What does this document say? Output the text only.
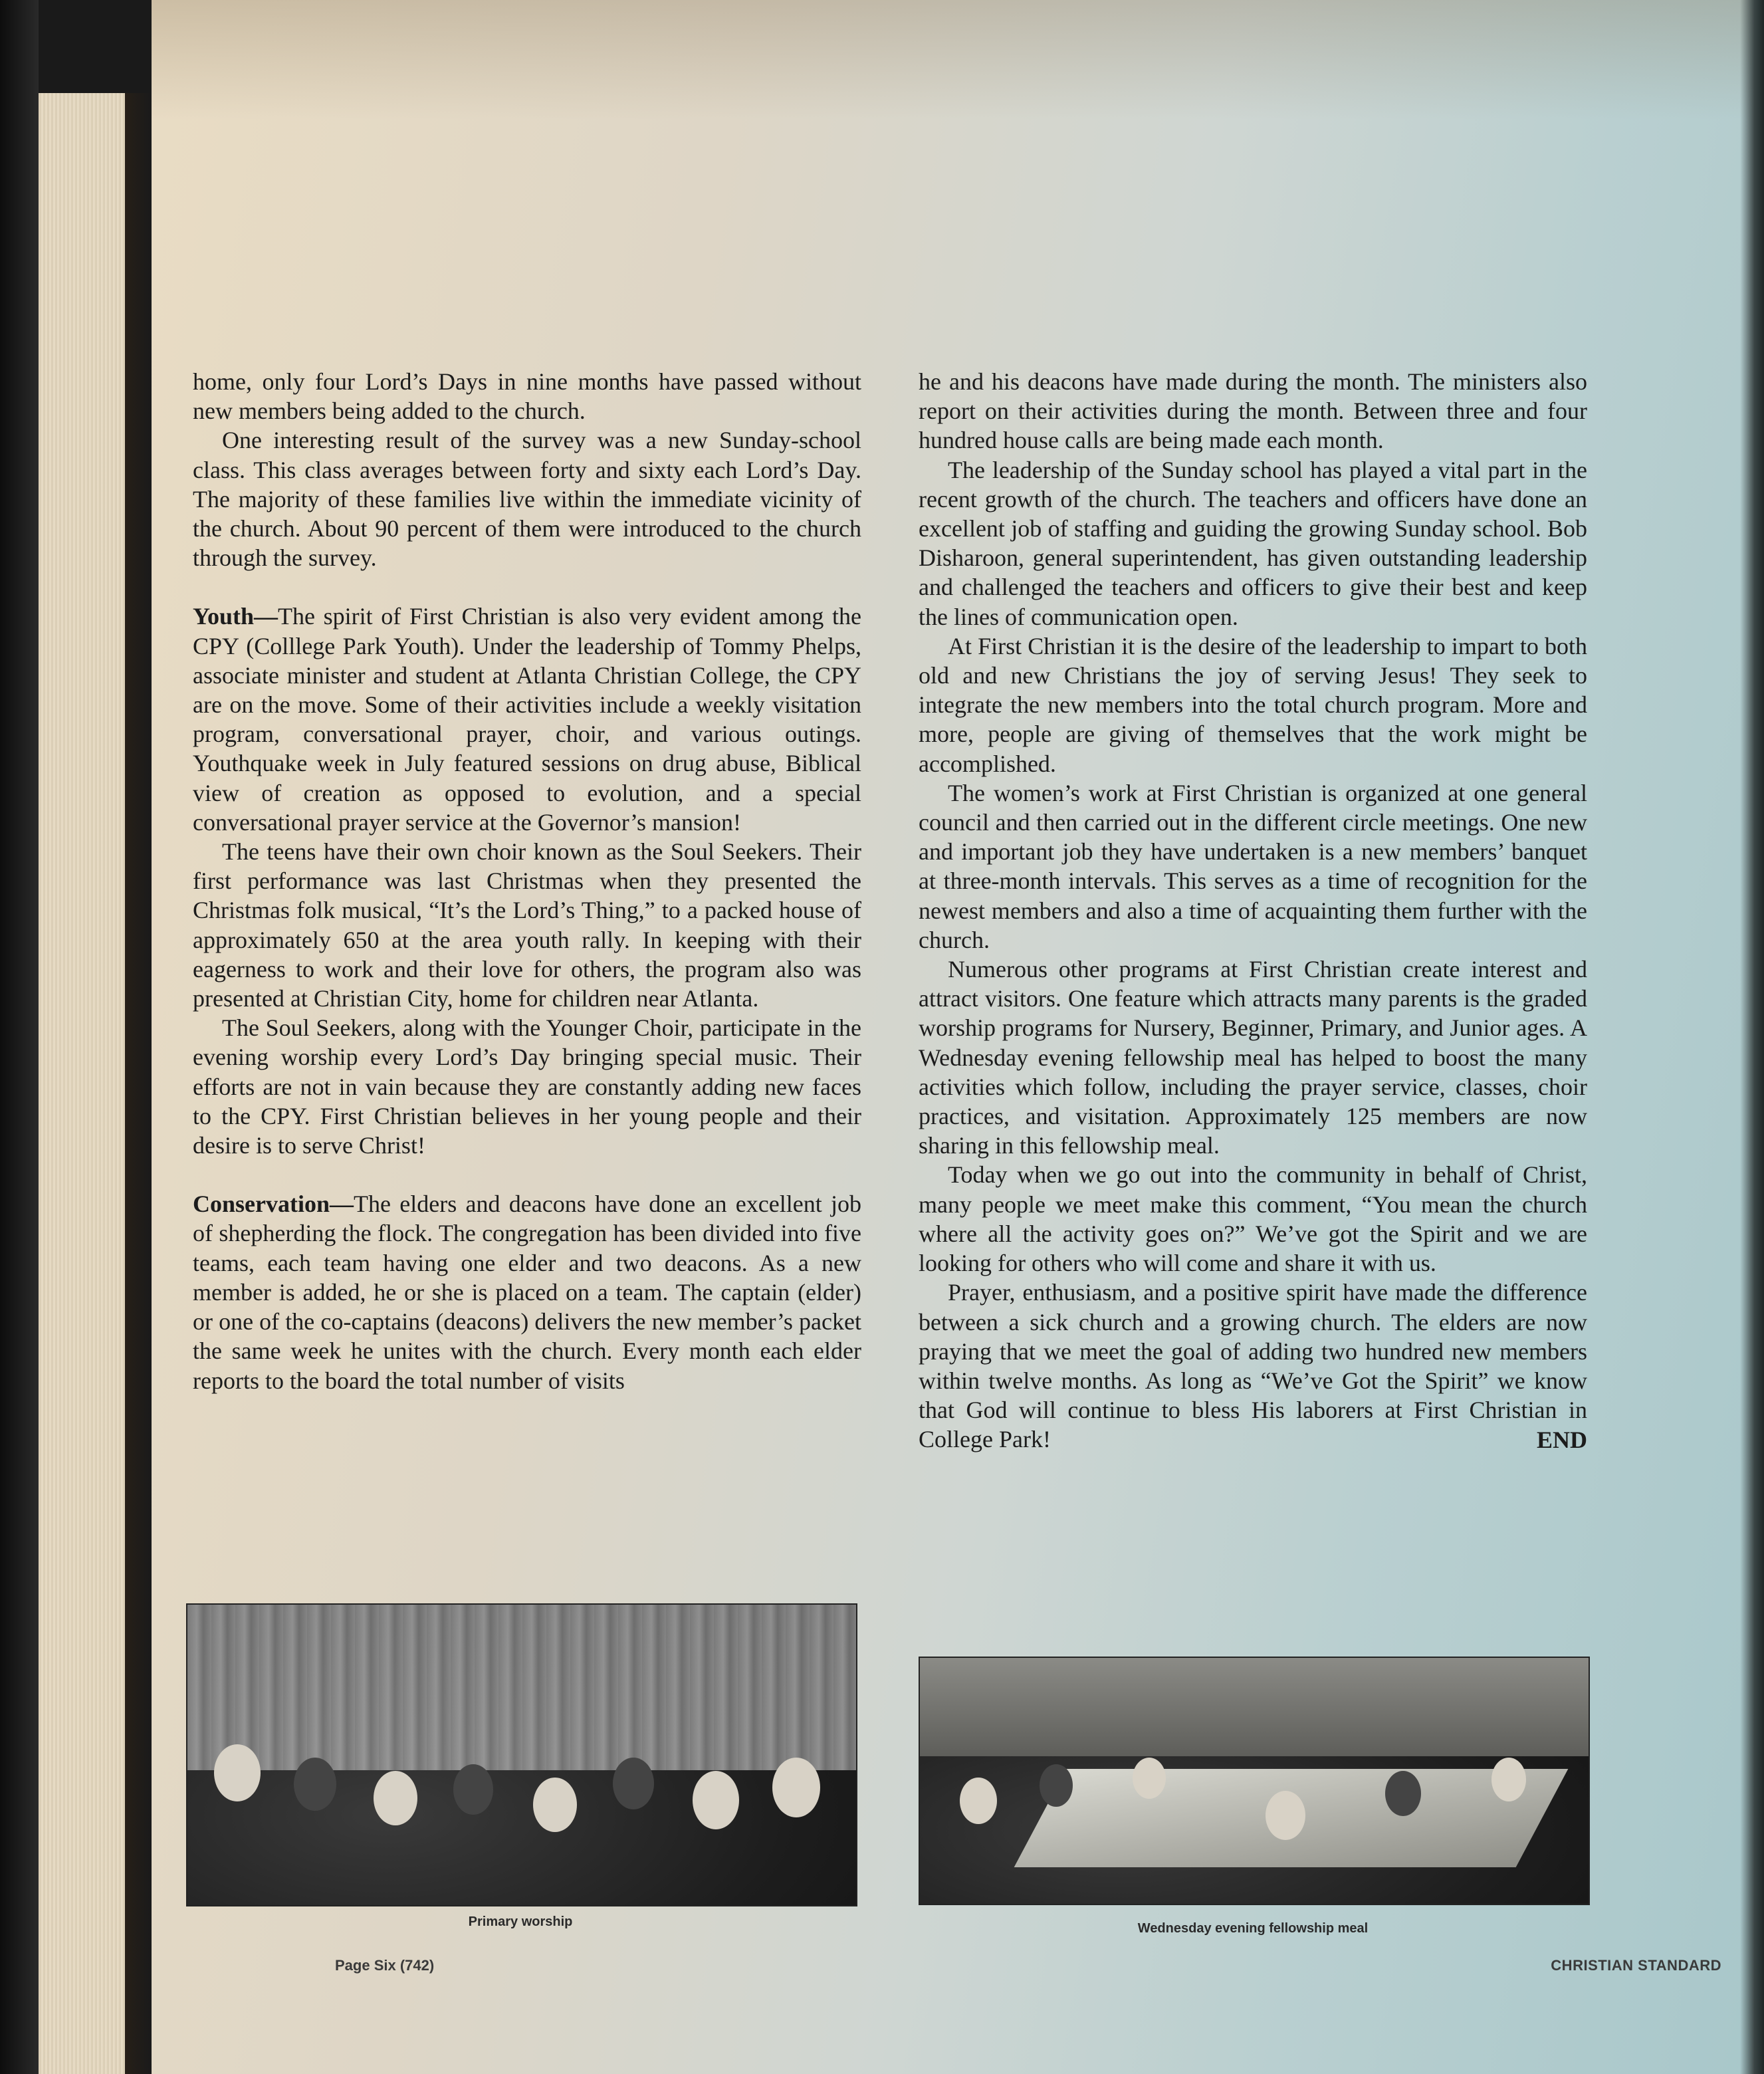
home, only four Lord’s Days in nine months have passed without new members being added to the church.

One interesting result of the survey was a new Sunday-school class. This class averages between forty and sixty each Lord’s Day. The majority of these families live within the immediate vicinity of the church. About 90 percent of them were introduced to the church through the survey.

Youth—The spirit of First Christian is also very evident among the CPY (Colllege Park Youth). Under the leadership of Tommy Phelps, associate minister and student at Atlanta Christian College, the CPY are on the move. Some of their activities include a weekly visitation program, conversational prayer, choir, and various outings. Youthquake week in July featured sessions on drug abuse, Biblical view of creation as opposed to evolution, and a special conversational prayer service at the Governor’s mansion!

The teens have their own choir known as the Soul Seekers. Their first performance was last Christmas when they presented the Christmas folk musical, “It’s the Lord’s Thing,” to a packed house of approximately 650 at the area youth rally. In keeping with their eagerness to work and their love for others, the program also was presented at Christian City, home for children near Atlanta.

The Soul Seekers, along with the Younger Choir, participate in the evening worship every Lord’s Day bringing special music. Their efforts are not in vain because they are constantly adding new faces to the CPY. First Christian believes in her young people and their desire is to serve Christ!

Conservation—The elders and deacons have done an excellent job of shepherding the flock. The congregation has been divided into five teams, each team having one elder and two deacons. As a new member is added, he or she is placed on a team. The captain (elder) or one of the co-captains (deacons) delivers the new member’s packet the same week he unites with the church. Every month each elder reports to the board the total number of visits

he and his deacons have made during the month. The ministers also report on their activities during the month. Between three and four hundred house calls are being made each month.

The leadership of the Sunday school has played a vital part in the recent growth of the church. The teachers and officers have done an excellent job of staffing and guiding the growing Sunday school. Bob Disharoon, general superintendent, has given outstanding leadership and challenged the teachers and officers to give their best and keep the lines of communication open.

At First Christian it is the desire of the leadership to impart to both old and new Christians the joy of serving Jesus! They seek to integrate the new members into the total church program. More and more, people are giving of themselves that the work might be accomplished.

The women’s work at First Christian is organized at one general council and then carried out in the different circle meetings. One new and important job they have undertaken is a new members’ banquet at three-month intervals. This serves as a time of recognition for the newest members and also a time of acquainting them further with the church.

Numerous other programs at First Christian create interest and attract visitors. One feature which attracts many parents is the graded worship programs for Nursery, Beginner, Primary, and Junior ages. A Wednesday evening fellowship meal has helped to boost the many activities which follow, including the prayer service, classes, choir practices, and visitation. Approximately 125 members are now sharing in this fellowship meal.

Today when we go out into the community in behalf of Christ, many people we meet make this comment, “You mean the church where all the activity goes on?” We’ve got the Spirit and we are looking for others who will come and share it with us.

Prayer, enthusiasm, and a positive spirit have made the difference between a sick church and a growing church. The elders are now praying that we meet the goal of adding two hundred new members within twelve months. As long as “We’ve Got the Spirit” we know that God will continue to bless His laborers at First Christian in College Park!	END
Primary worship	Wednesday evening fellowship meal
Page Six (742)	CHRISTIAN STANDARD
